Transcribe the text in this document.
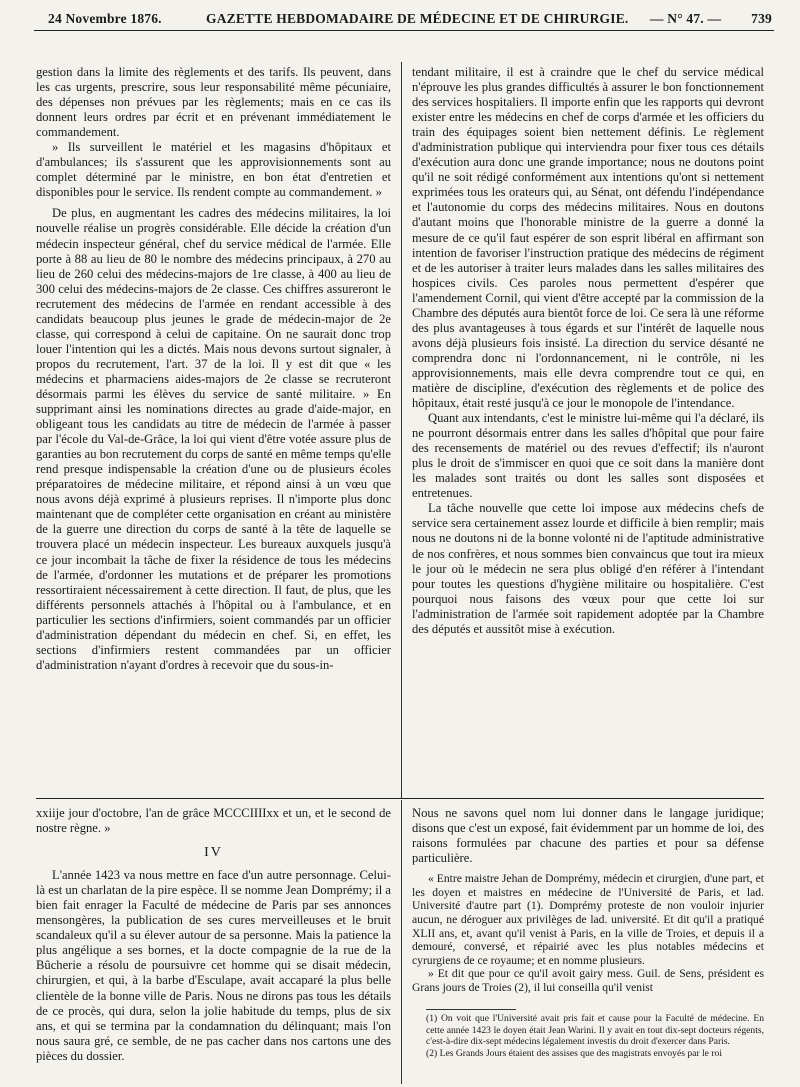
24 Novembre 1876.	GAZETTE HEBDOMADAIRE DE MÉDECINE ET DE CHIRURGIE. — N° 47. — 739

gestion dans la limite des règlements et des tarifs. Ils peuvent, dans les cas urgents, prescrire, sous leur responsabilité même pécuniaire, des dépenses non prévues par les règlements; mais en ce cas ils donnent leurs ordres par écrit et en prévenant immédiatement le commandement.

» Ils surveillent le matériel et les magasins d'hôpitaux et d'ambulances; ils s'assurent que les approvisionnements sont au complet déterminé par le ministre, en bon état d'entretien et disponibles pour le service. Ils rendent compte au commandement. »

De plus, en augmentant les cadres des médecins militaires, la loi nouvelle réalise un progrès considérable. Elle décide la création d'un médecin inspecteur général, chef du service médical de l'armée. Elle porte à 88 au lieu de 80 le nombre des médecins principaux, à 270 au lieu de 260 celui des médecins-majors de 1re classe, à 400 au lieu de 300 celui des médecins-majors de 2e classe. Ces chiffres assureront le recrutement des médecins de l'armée en rendant accessible à des candidats beaucoup plus jeunes le grade de médecin-major de 2e classe, qui correspond à celui de capitaine. On ne saurait donc trop louer l'intention qui les a dictés. Mais nous devons surtout signaler, à propos du recrutement, l'art. 37 de la loi. Il y est dit que « les médecins et pharmaciens aides-majors de 2e classe se recruteront désormais parmi les élèves du service de santé militaire. » En supprimant ainsi les nominations directes au grade d'aide-major, en obligeant tous les candidats au titre de médecin de l'armée à passer par l'école du Val-de-Grâce, la loi qui vient d'être votée assure plus de garanties au bon recrutement du corps de santé en même temps qu'elle rend presque indispensable la création d'une ou de plusieurs écoles préparatoires de médecine militaire, et répond ainsi à un vœu que nous avons déjà exprimé à plusieurs reprises. Il n'importe plus donc maintenant que de compléter cette organisation en créant au ministère de la guerre une direction du corps de santé à la tête de laquelle se trouvera placé un médecin inspecteur. Les bureaux auxquels jusqu'à ce jour incombait la tâche de fixer la résidence de tous les médecins de l'armée, d'ordonner les mutations et de préparer les promotions ressortiraient nécessairement à cette direction. Il faut, de plus, que les différents personnels attachés à l'hôpital ou à l'ambulance, et en particulier les sections d'infirmiers, soient commandés par un officier d'administration dépendant du médecin en chef. Si, en effet, les sections d'infirmiers restent commandées par un officier d'administration n'ayant d'ordres à recevoir que du sous-in-

tendant militaire, il est à craindre que le chef du service médical n'éprouve les plus grandes difficultés à assurer le bon fonctionnement des services hospitaliers. Il importe enfin que les rapports qui devront exister entre les médecins en chef de corps d'armée et les officiers du train des équipages soient bien nettement définis. Le règlement d'administration publique qui interviendra pour fixer tous ces détails d'exécution aura donc une grande importance; nous ne doutons point qu'il ne soit rédigé conformément aux intentions qu'ont si nettement exprimées tous les orateurs qui, au Sénat, ont défendu l'indépendance et l'autonomie du corps des médecins militaires. Nous en doutons d'autant moins que l'honorable ministre de la guerre a donné la mesure de ce qu'il faut espérer de son esprit libéral en affirmant son intention de favoriser l'instruction pratique des médecins de régiment et de les autoriser à traiter leurs malades dans les salles militaires des hospices civils. Ces paroles nous permettent d'espérer que l'amendement Cornil, qui vient d'être accepté par la commission de la Chambre des députés aura bientôt force de loi. Ce sera là une réforme des plus avantageuses à tous égards et sur l'intérêt de laquelle nous avons déjà plusieurs fois insisté. La direction du service désanté ne comprendra donc ni l'ordonnancement, ni le contrôle, ni les approvisionnements, mais elle devra comprendre tout ce qui, en matière de discipline, d'exécution des règlements et de police des hôpitaux, était resté jusqu'à ce jour le monopole de l'intendance.

Quant aux intendants, c'est le ministre lui-même qui l'a déclaré, ils ne pourront désormais entrer dans les salles d'hôpital que pour faire des recensements de matériel ou des revues d'effectif; ils n'auront plus le droit de s'immiscer en quoi que ce soit dans la manière dont les malades sont traités ou dont les salles sont disposées et entretenues.

La tâche nouvelle que cette loi impose aux médecins chefs de service sera certainement assez lourde et difficile à bien remplir; mais nous ne doutons ni de la bonne volonté ni de l'aptitude administrative de nos confrères, et nous sommes bien convaincus que tout ira mieux le jour où le médecin ne sera plus obligé d'en référer à l'intendant pour toutes les questions d'hygiène militaire ou hospitalière. C'est pourquoi nous faisons des vœux pour que cette loi sur l'administration de l'armée soit rapidement adoptée par la Chambre des députés et aussitôt mise à exécution.

xxiije jour d'octobre, l'an de grâce MCCCIIIIxx et un, et le second de nostre règne. »

IV

L'année 1423 va nous mettre en face d'un autre personnage. Celui-là est un charlatan de la pire espèce. Il se nomme Jean Domprémy; il a bien fait enrager la Faculté de médecine de Paris par ses annonces mensongères, la publication de ses cures merveilleuses et le bruit scandaleux qu'il a su élever autour de sa personne. Mais la patience la plus angélique a ses bornes, et la docte compagnie de la rue de la Bûcherie a résolu de poursuivre cet homme qui se disait médecin, chirurgien, et qui, à la barbe d'Esculape, avait accaparé la plus belle clientèle de la bonne ville de Paris. Nous ne dirons pas tous les détails de ce procès, qui dura, selon la jolie habitude du temps, plus de six ans, et qui se termina par la condamnation du délinquant; mais l'on nous saura gré, ce semble, de ne pas cacher dans nos cartons une des pièces du dossier.

Nous ne savons quel nom lui donner dans le langage juridique; disons que c'est un exposé, fait évidemment par un homme de loi, des raisons formulées par chacune des parties et pour sa défense particulière.

« Entre maistre Jehan de Domprémy, médecin et cirurgien, d'une part, et les doyen et maistres en médecine de l'Université de Paris, et lad. Université d'autre part (1). Domprémy proteste de non vouloir injurier aucun, ne déroguer aux privilèges de lad. université. Et dit qu'il a pratiqué XLII ans, et, avant qu'il venist à Paris, en la ville de Troies, et depuis il a demouré, conversé, et répairié avec les plus notables médecins et cyrurgiens de ce royaume; et en nomme plusieurs.

» Et dit que pour ce qu'il avoit gairy mess. Guil. de Sens, président es Grans jours de Troies (2), il lui conseilla qu'il venist

(1) On voit que l'Université avait pris fait et cause pour la Faculté de médecine. En cette année 1423 le doyen était Jean Warini. Il y avait en tout dix-sept docteurs régents, c'est-à-dire dix-sept médecins légalement investis du droit d'exercer dans Paris.

(2) Les Grands Jours étaient des assises que des magistrats envoyés par le roi
